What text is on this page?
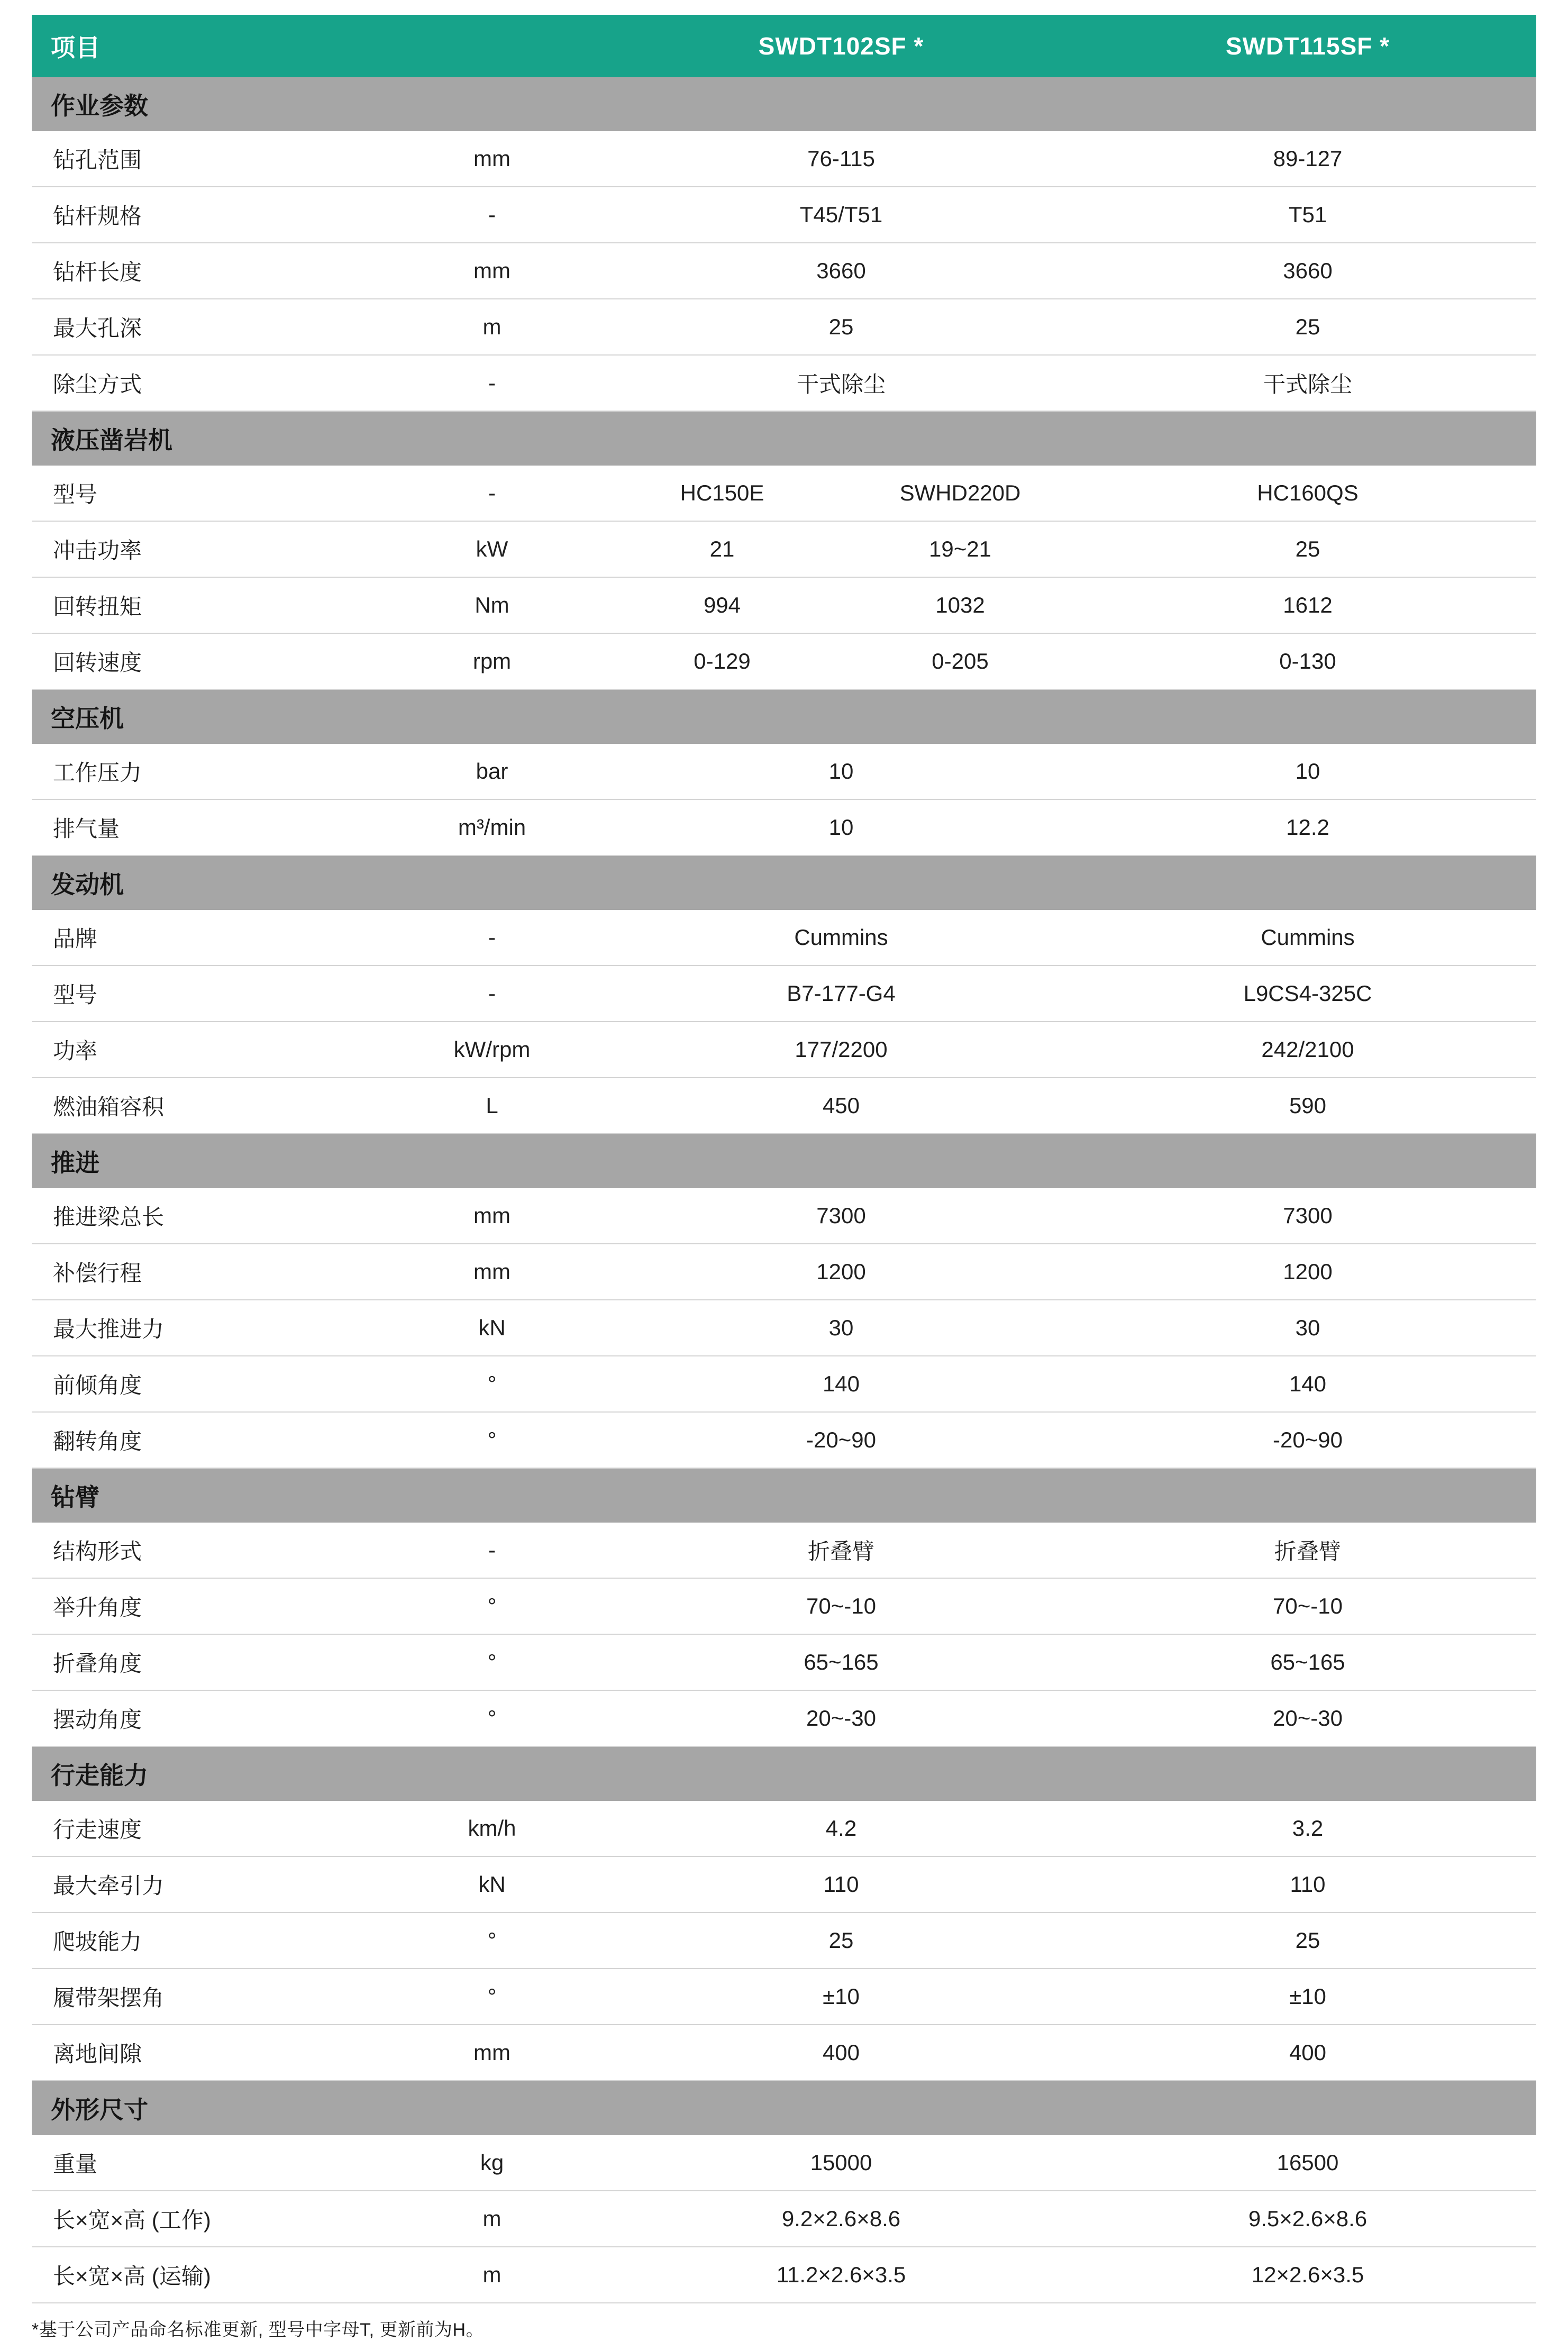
项目		SWDT102SF *	SWDT115SF *
作业参数			
钻孔范围	mm	76-115	89-127
钻杆规格	-	T45/T51	T51
钻杆长度	mm	3660	3660
最大孔深	m	25	25
除尘方式	-	干式除尘	干式除尘
液压凿岩机			
型号	-	HC150E SWHD220D	HC160QS
冲击功率	kW	21 19~21	25
回转扭矩	Nm	994 1032	1612
回转速度	rpm	0-129 0-205	0-130
空压机			
工作压力	bar	10	10
排气量	m³/min	10	12.2
发动机			
品牌	-	Cummins	Cummins
型号	-	B7-177-G4	L9CS4-325C
功率	kW/rpm	177/2200	242/2100
燃油箱容积	L	450	590
推进			
推进梁总长	mm	7300	7300
补偿行程	mm	1200	1200
最大推进力	kN	30	30
前倾角度	°	140	140
翻转角度	°	-20~90	-20~90
钻臂			
结构形式	-	折叠臂	折叠臂
举升角度	°	70~-10	70~-10
折叠角度	°	65~165	65~165
摆动角度	°	20~-30	20~-30
行走能力			
行走速度	km/h	4.2	3.2
最大牵引力	kN	110	110
爬坡能力	°	25	25
履带架摆角	°	±10	±10
离地间隙	mm	400	400
外形尺寸			
重量	kg	15000	16500
长×宽×高 (工作)	m	9.2×2.6×8.6	9.5×2.6×8.6
长×宽×高 (运输)	m	11.2×2.6×3.5	12×2.6×3.5
*基于公司产品命名标准更新, 型号中字母T, 更新前为H。
